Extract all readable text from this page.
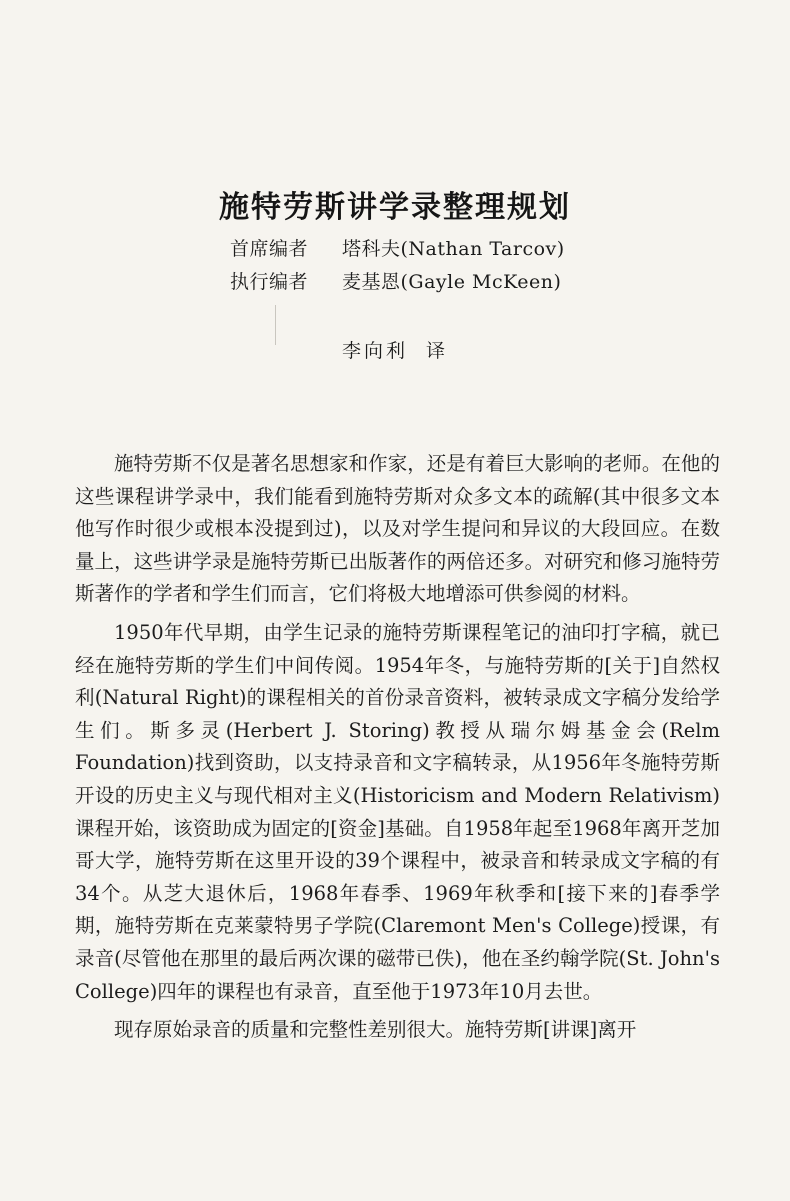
施特劳斯讲学录整理规划
首席编者 塔科夫(Nathan Tarcov)
执行编者 麦基恩(Gayle McKeen)
李向利 译

施特劳斯不仅是著名思想家和作家，还是有着巨大影响的老师。在他的这些课程讲学录中，我们能看到施特劳斯对众多文本的疏解(其中很多文本他写作时很少或根本没提到过)，以及对学生提问和异议的大段回应。在数量上，这些讲学录是施特劳斯已出版著作的两倍还多。对研究和修习施特劳斯著作的学者和学生们而言，它们将极大地增添可供参阅的材料。

1950年代早期，由学生记录的施特劳斯课程笔记的油印打字稿，就已经在施特劳斯的学生们中间传阅。1954年冬，与施特劳斯的[关于]自然权利(Natural Right)的课程相关的首份录音资料，被转录成文字稿分发给学生们。斯多灵(Herbert J. Storing)教授从瑞尔姆基金会(Relm Foundation)找到资助，以支持录音和文字稿转录，从1956年冬施特劳斯开设的历史主义与现代相对主义(Historicism and Modern Relativism)课程开始，该资助成为固定的[资金]基础。自1958年起至1968年离开芝加哥大学，施特劳斯在这里开设的39个课程中，被录音和转录成文字稿的有34个。从芝大退休后，1968年春季、1969年秋季和[接下来的]春季学期，施特劳斯在克莱蒙特男子学院(Claremont Men's College)授课，有录音(尽管他在那里的最后两次课的磁带已佚)，他在圣约翰学院(St. John's College)四年的课程也有录音，直至他于1973年10月去世。

现存原始录音的质量和完整性差别很大。施特劳斯[讲课]离开
